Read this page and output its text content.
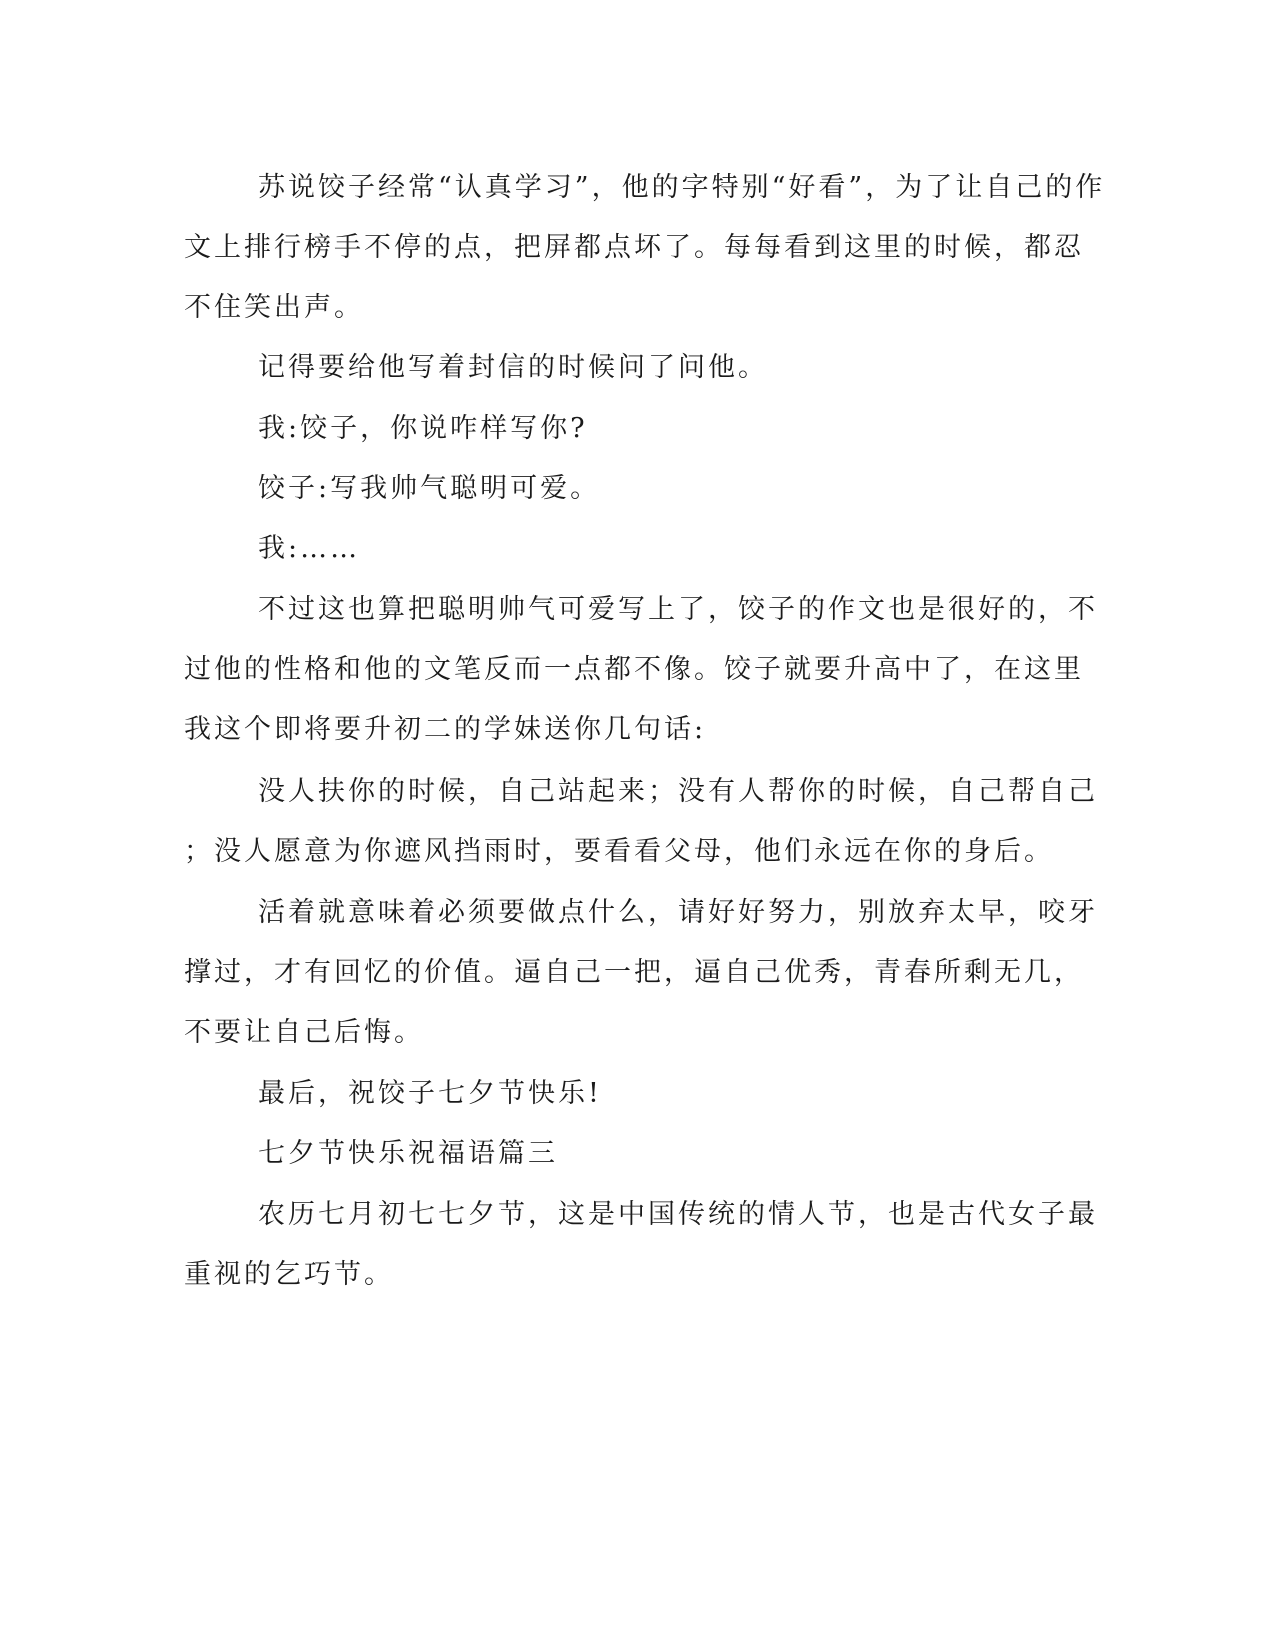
苏说饺子经常“认真学习”，他的字特别“好看”，为了让自己的作
文上排行榜手不停的点，把屏都点坏了。每每看到这里的时候，都忍
不住笑出声。
记得要给他写着封信的时候问了问他。
我:饺子，你说咋样写你?
饺子:写我帅气聪明可爱。
我:……
不过这也算把聪明帅气可爱写上了，饺子的作文也是很好的，不
过他的性格和他的文笔反而一点都不像。饺子就要升高中了，在这里
我这个即将要升初二的学妹送你几句话:
没人扶你的时候，自己站起来；没有人帮你的时候，自己帮自己
；没人愿意为你遮风挡雨时，要看看父母，他们永远在你的身后。
活着就意味着必须要做点什么，请好好努力，别放弃太早，咬牙
撑过，才有回忆的价值。逼自己一把，逼自己优秀，青春所剩无几，
不要让自己后悔。
最后，祝饺子七夕节快乐!
七夕节快乐祝福语篇三
农历七月初七七夕节，这是中国传统的情人节，也是古代女子最
重视的乞巧节。
